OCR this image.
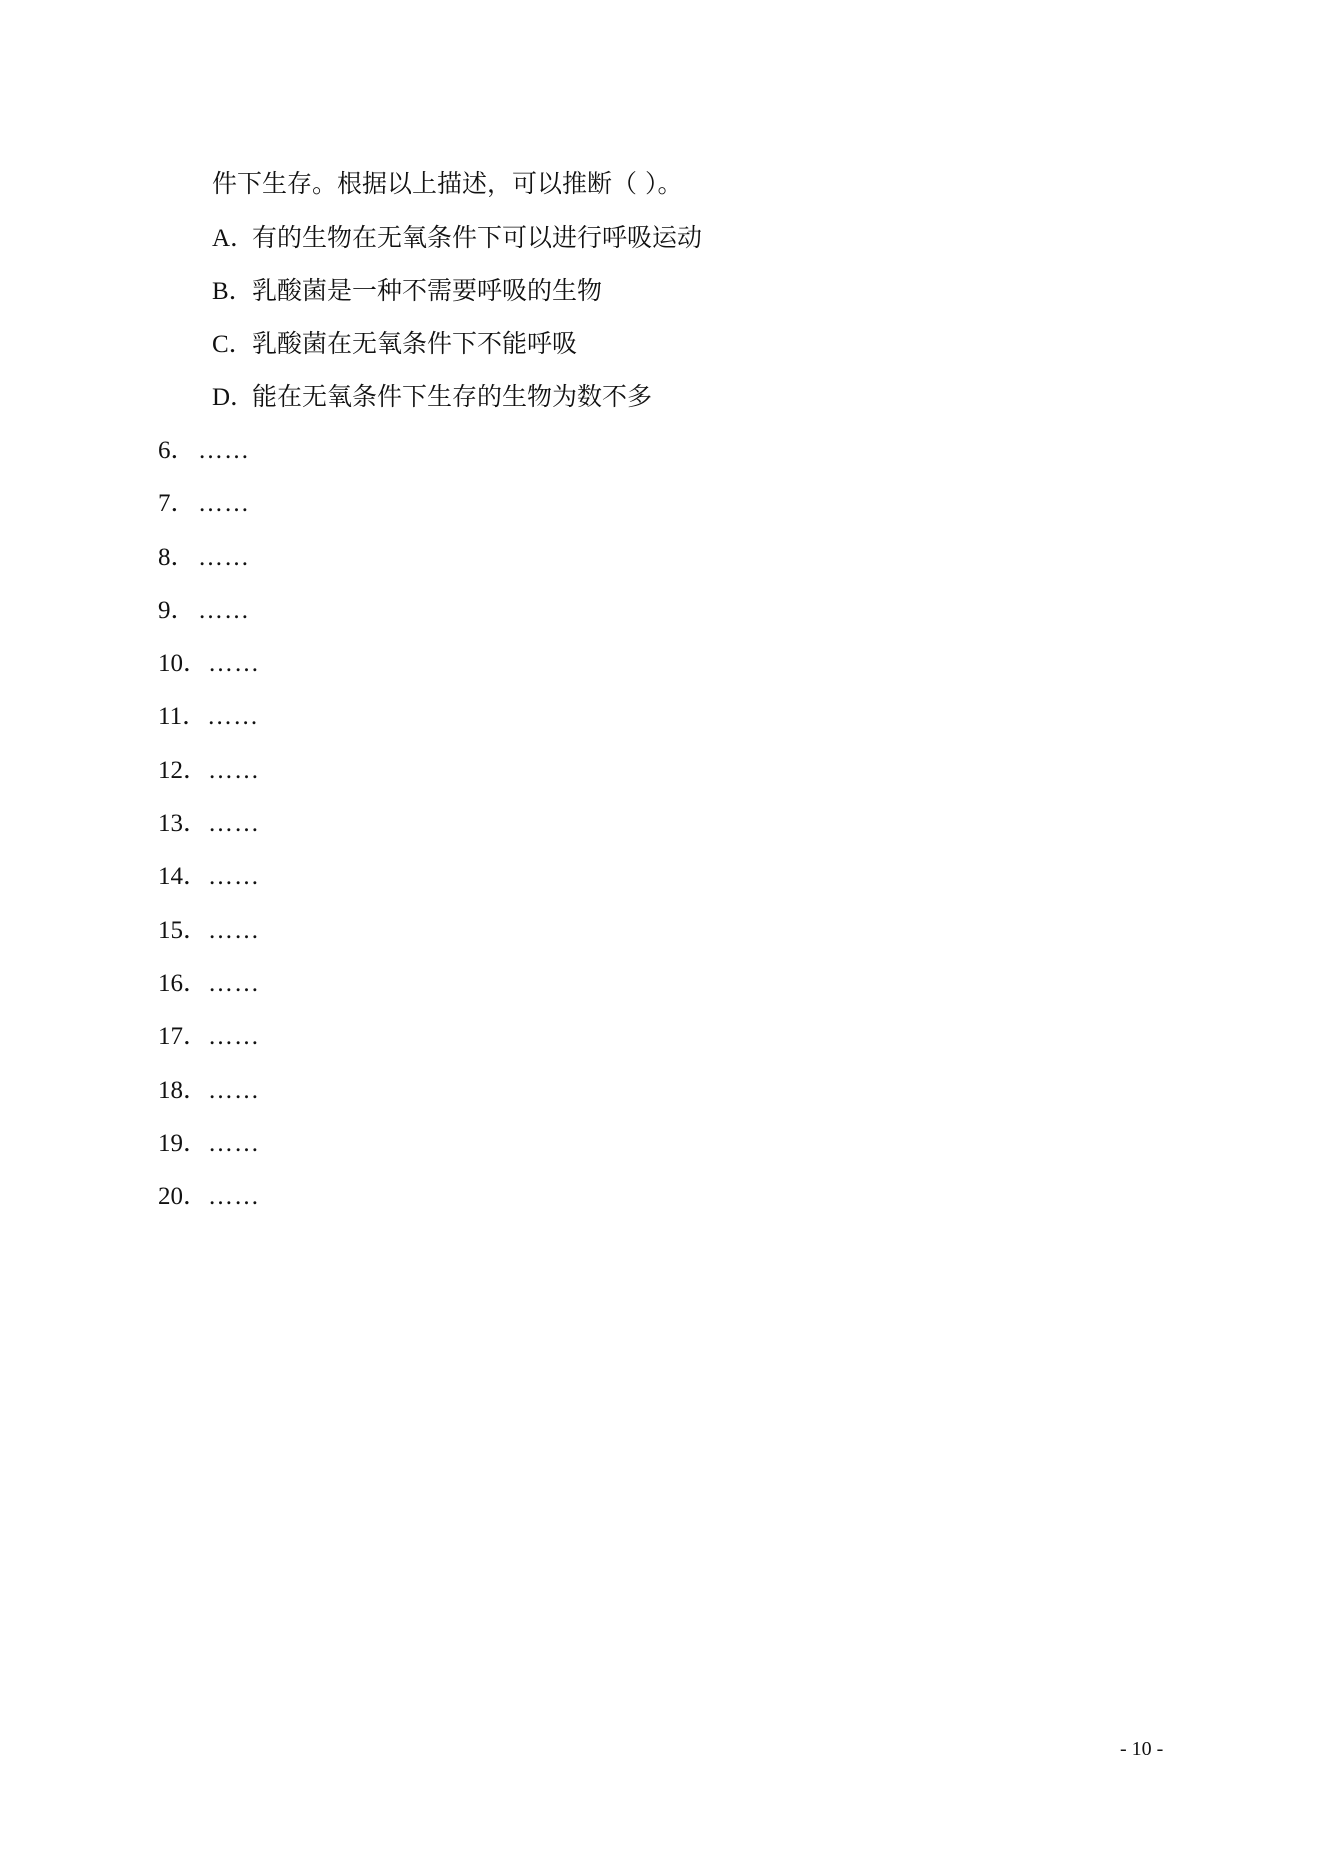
件下生存。根据以上描述，可以推断（ ）。
A．有的生物在无氧条件下可以进行呼吸运动
B．乳酸菌是一种不需要呼吸的生物
C．乳酸菌在无氧条件下不能呼吸
D．能在无氧条件下生存的生物为数不多
6．……
7．……
8．……
9．……
10．……
11．……
12．……
13．……
14．……
15．……
16．……
17．……
18．……
19．……
20．……
- 10 -
